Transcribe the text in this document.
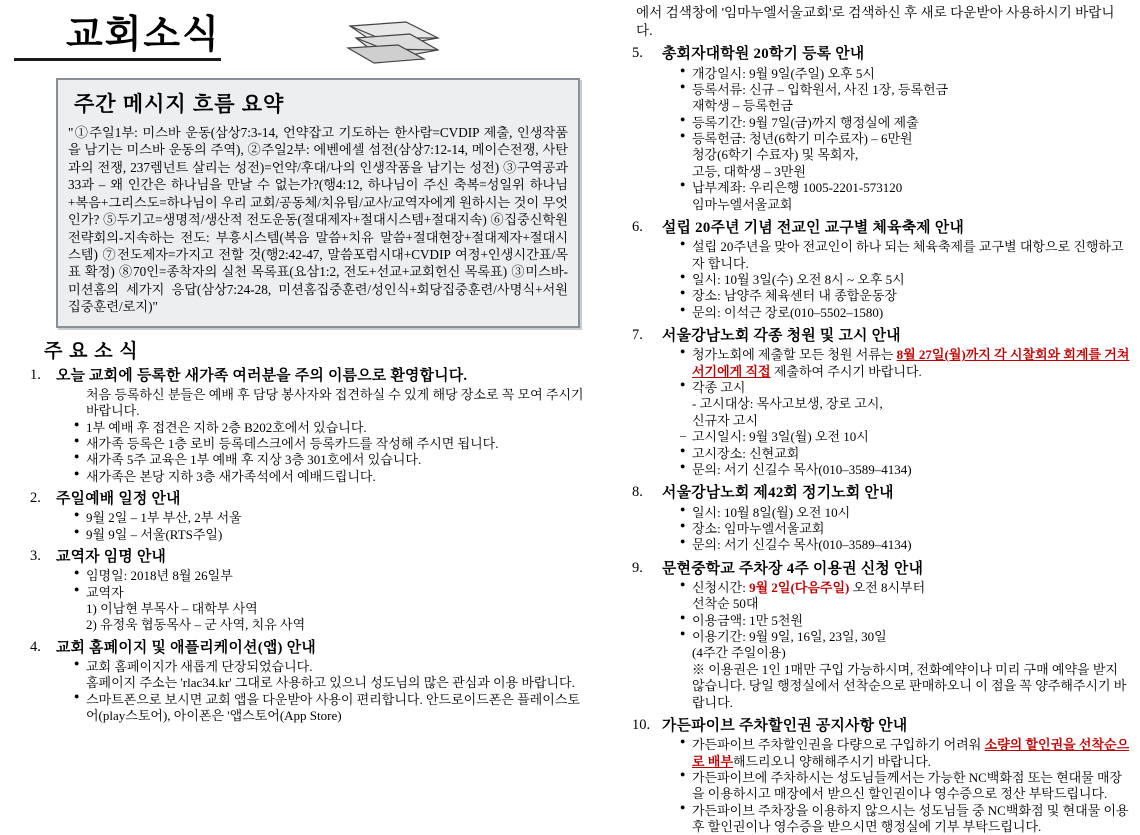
교회소식
주간 메시지 흐름 요약
"①주일1부: 미스바 운동(삼상7:3-14, 언약잡고 기도하는 한사람=CVDIP 제출, 인생작품을 남기는 미스바 운동의 주역), ②주일2부: 에벤에셀 섬전(삼상7:12-14, 메이슨전쟁, 사탄과의 전쟁, 237렘넌트 살리는 성전)=언약/후대/나의 인생작품을 남기는 성전) ③구역공과33과 – 왜 인간은 하나님을 만날 수 없는가?(행4:12, 하나님이 주신 축복=성일위 하나님+복음+그리스도=하나님이 우리 교회/공동체/치유팀/교사/교역자에게 원하시는 것이 무엇인가? ⑤두기고=생명적/생산적 전도운동(절대제자+절대시스템+절대지속) ⑥집중신학원전략회의-지속하는 전도: 부흥시스템(복음 말씀+치유 말씀+절대현장+절대제자+절대시스템) ⑦전도제자=가지고 전할 것(행2:42-47, 말씀포럼시대+CVDIP 여정+인생시간표/목표 확정) ⑧70인=종착자의 실천 목록표(요삼1:2, 전도+선교+교회헌신 목록표) ③미스바-미션홈의 세가지 응답(삼상7:24-28, 미션홈집중훈련/성인식+회당집중훈련/사명식+서원집중훈련/로지)"
주 요 소 식
1. 오늘 교회에 등록한 새가족 여러분을 주의 이름으로 환영합니다.
처음 등록하신 분들은 예배 후 담당 봉사자와 접견하실 수 있게 해당 장소로 꼭 모여 주시기 바랍니다.
● 1부 예배 후 접견은 지하 2층 B202호에서 있습니다.
● 새가족 등록은 1층 로비 등록데스크에서 등록카드를 작성해 주시면 됩니다.
● 새가족 5주 교육은 1부 예배 후 지상 3층 301호에서 있습니다.
● 새가족은 본당 지하 3층 새가족석에서 예배드립니다.
2. 주일예배 일정 안내
● 9월 2일 – 1부 부산, 2부 서울
● 9월 9일 – 서울(RTS주일)
3. 교역자 임명 안내
● 임명일: 2018년 8월 26일부
● 교역자
1) 이남현 부목사 – 대학부 사역
2) 유정욱 협동목사 – 군 사역, 치유 사역
4. 교회 홈페이지 및 애플리케이션(앱) 안내
● 교회 홈페이지가 새롭게 단장되었습니다.
홈페이지 주소는 'rlac34.kr' 그대로 사용하고 있으니 성도님의 많은 관심과 이용 바랍니다.
● 스마트폰으로 보시면 교회 앱을 다운받아 사용이 편리합니다. 안드로이드폰은 플레이스토어(play스토어), 아이폰은 '앱스토어(App Store)
에서 검색창에 '임마누엘서울교회'로 검색하신 후 새로 다운받아 사용하시기 바랍니다.
5. 총회자대학원 20학기 등록 안내
● 개강일시: 9월 9일(주일) 오후 5시
● 등록서류: 신규 – 입학원서, 사진 1장, 등록헌금
재학생 – 등록헌금
● 등록기간: 9월 7일(금)까지 행정실에 제출
● 등록헌금: 청년(6학기 미수료자) – 6만원
청강(6학기 수료자) 및 목회자,
고등, 대학생 – 3만원
● 납부계좌: 우리은행 1005-2201-573120
임마누엘서울교회
6. 설립 20주년 기념 전교인 교구별 체육축제 안내
● 설립 20주년을 맞아 전교인이 하나 되는 체육축제를 교구별 대항으로 진행하고자 합니다.
● 일시: 10월 3일(수) 오전 8시 ~ 오후 5시
● 장소: 남양주 체육센터 내 종합운동장
● 문의: 이석근 장로(010–5502–1580)
7. 서울강남노회 각종 청원 및 고시 안내
● 청가노회에 제출할 모든 청원 서류는 8월 27일(월)까지 각 시찰회와 회계를 거쳐 서기에게 직접 제출하여 주시기 바랍니다.
● 각종 고시
- 고시대상: 목사고보생, 장로 고시,
신규자 고시
– 고시일시: 9월 3일(월) 오전 10시
● 고시장소: 신현교회
● 문의: 서기 신길수 목사(010–3589–4134)
8. 서울강남노회 제42회 정기노회 안내
● 일시: 10월 8일(월) 오전 10시
● 장소: 임마누엘서울교회
● 문의: 서기 신길수 목사(010–3589–4134)
9. 문현중학교 주차장 4주 이용권 신청 안내
● 신청시간: 9월 2일(다음주일) 오전 8시부터
선착순 50대
● 이용금액: 1만 5천원
● 이용기간: 9월 9일, 16일, 23일, 30일
(4주간 주일이용)
※ 이용권은 1인 1매만 구입 가능하시며, 전화예약이나 미리 구매 예약을 받지 않습니다. 당일 행정실에서 선착순으로 판매하오니 이 점을 꼭 양주해주시기 바랍니다.
10. 가든파이브 주차할인권 공지사항 안내
● 가든파이브 주차할인권을 다량으로 구입하기 어려워 소량의 할인권을 선착순으로 배부해드리오니 양해해주시기 바랍니다.
● 가든파이브에 주차하시는 성도님들께서는 가능한 NC백화점 또는 현대물 매장을 이용하시고 매장에서 받으신 할인권이나 영수증으로 정산 부탁드립니다.
● 가든파이브 주차장을 이용하지 않으시는 성도님들 중 NC백화점 및 현대물 이용 후 할인권이나 영수증을 받으시면 행정실에 기부 부탁드립니다.
